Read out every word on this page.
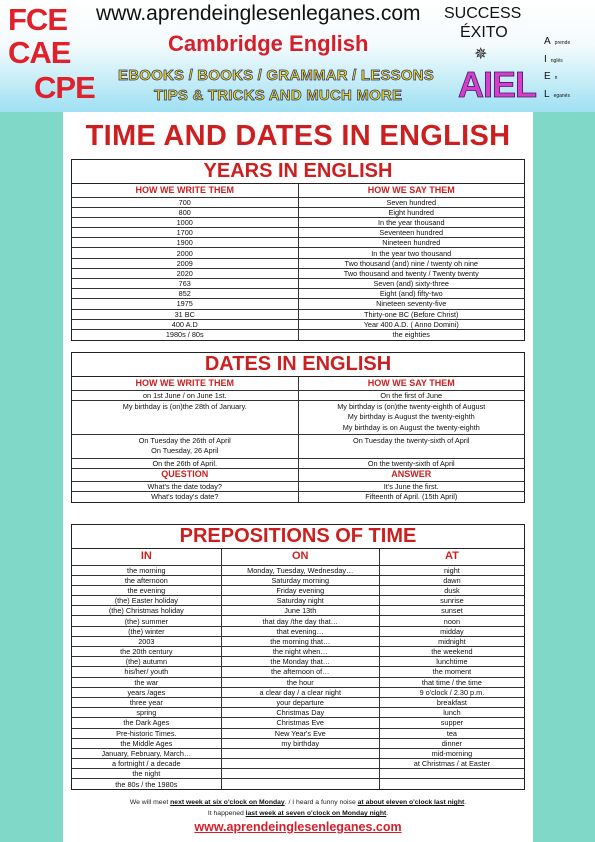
FCE
CAE
CPE
www.aprendeinglesenleganes.com
Cambridge English
EBOOKS / BOOKS / GRAMMAR / LESSONS
TIPS & TRICKS AND MUCH MORE
SUCCESS
ÉXITO
✵
AIEL
Aprende
Inglés
En
Leganés
TIME AND DATES IN ENGLISH
YEARS IN ENGLISH
HOW WE WRITE THEM	HOW WE SAY THEM
700	Seven hundred
800	Eight hundred
1000	In the year thousand
1700	Seventeen hundred
1900	Nineteen hundred
2000	In the year two thousand
2009	Two thousand (and) nine / twenty oh nine
2020	Two thousand and twenty / Twenty twenty
763	Seven (and) sixty-three
852	Eight (and) fifty-two
1975	Nineteen seventy-five
31 BC	Thirty-one BC (Before Christ)
400 A.D	Year 400 A.D. ( Anno Domini)
1980s / 80s	the eighties
DATES IN ENGLISH
HOW WE WRITE THEM	HOW WE SAY THEM
on 1st June / on June 1st.	On the first of June
My birthday is (on)the 28th of January.	My birthday is (on)the twenty-eighth of August
My birthday is August the twenty-eighth
My birthday is on August the twenty-eighth

On Tuesday the 26th of April
On Tuesday, 26 April	On Tuesday the twenty-sixth of April
On the 26th of April.	On the twenty-sixth of April
QUESTION	ANSWER
What's the date today?	It's June the first.
What's today's date?	Fifteenth of April. (15th April)
PREPOSITIONS OF TIME
IN	ON	AT
the morning	Monday, Tuesday, Wednesday…	night
the afternoon	Saturday morning	dawn
the evening	Friday evening	dusk
(the) Easter holiday	Saturday night	sunrise
(the) Christmas holiday	June 13th	sunset
(the) summer	that day /the day that…	noon
(the) winter	that evening…	midday
2003	the morning that…	midnight
the 20th century	the night when…	the weekend
(the) autumn	the Monday that…	lunchtime
his/her/ youth	the afternoon of…	the moment
the war	the hour	that time / the time
years /ages	a clear day / a clear night	9 o'clock / 2.30 p.m.
three year	your departure	breakfast
spring	Christmas Day	lunch
the Dark Ages	Christmas Eve	supper
Pre-historic Times.	New Year's Eve	tea
the Middle Ages	my birthday	dinner
January, February, March…		mid-morning
a fortnight / a decade		at Christmas / at Easter
the night		
the 80s / the 1980s		
We will meet next week at six o'clock on Monday. / I heard a funny noise at about eleven o'clock last night.
It happened last week at seven o'clock on Monday night.
www.aprendeinglesenleganes.com
